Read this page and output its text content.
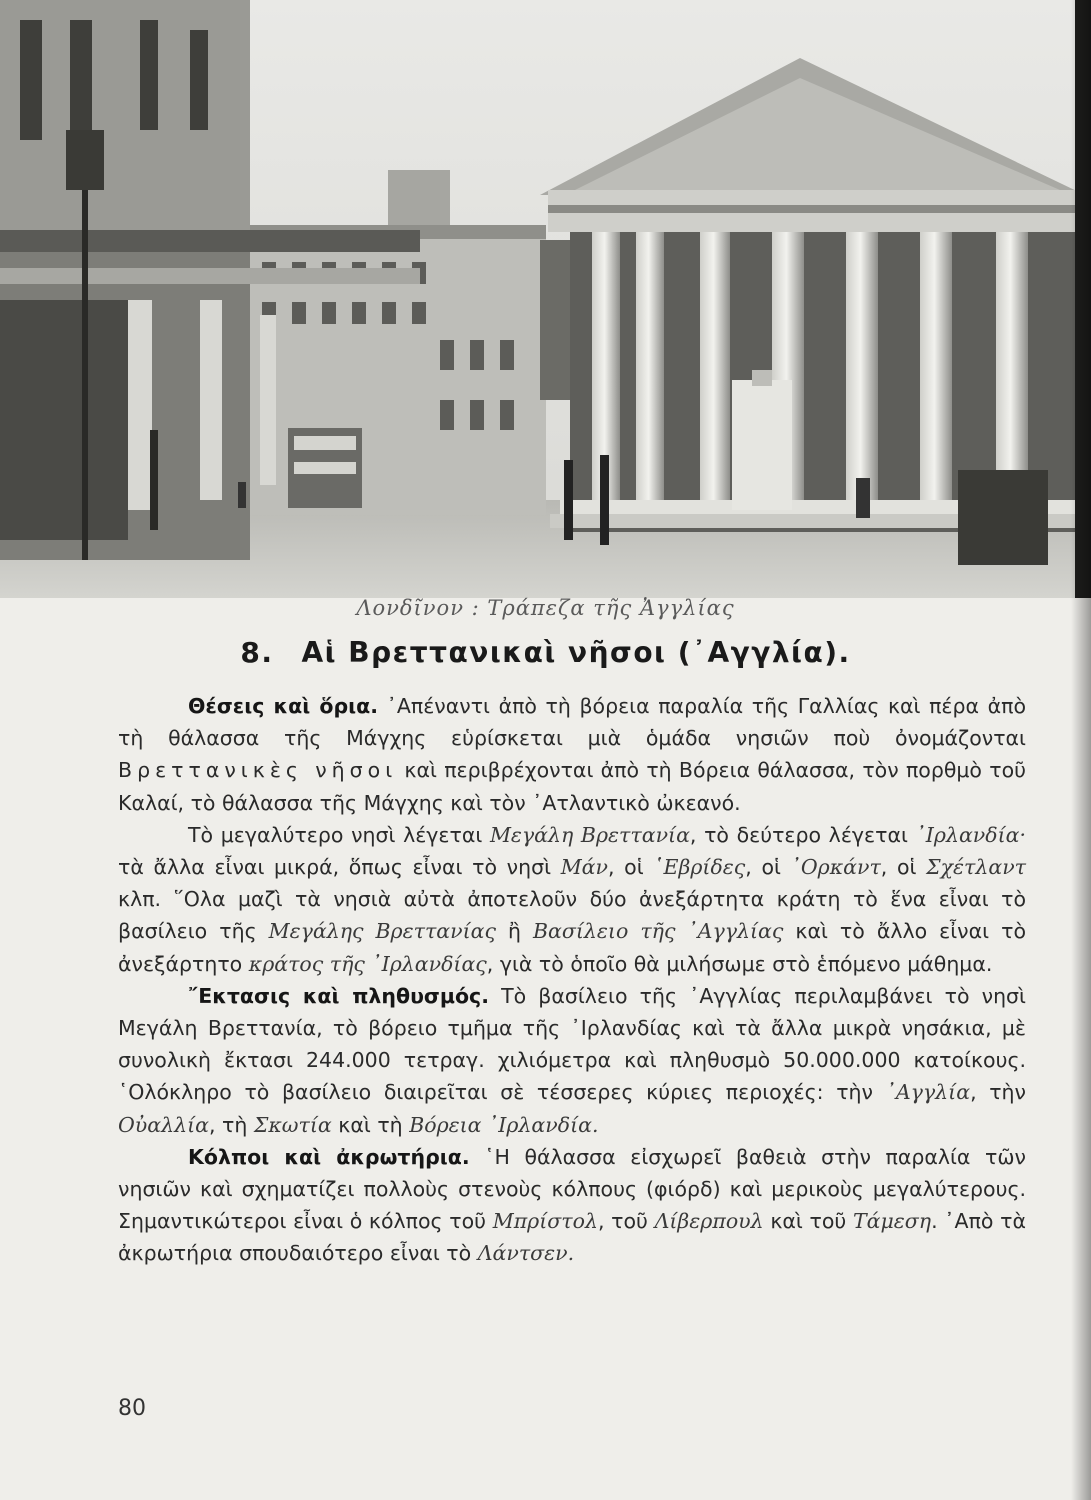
Λονδῖνον : Τράπεζα τῆς Ἀγγλίας
8. Αἱ Βρεττανικαὶ νῆσοι (᾿Αγγλία).

Θέσεις καὶ ὅρια. ᾿Απέναντι ἀπὸ τὴ βόρεια παραλία τῆς Γαλλίας καὶ πέρα ἀπὸ τὴ θάλασσα τῆς Μάγχης εὑρίσκεται μιὰ ὁμάδα νησιῶν ποὺ ὀνομάζονται Βρεττανικὲς νῆσοι καὶ περιβρέχονται ἀπὸ τὴ Βόρεια θάλασσα, τὸν πορθμὸ τοῦ Καλαί, τὸ θάλασσα τῆς Μάγχης καὶ τὸν ᾿Ατλαντικὸ ὠκεανό.

Τὸ μεγαλύτερο νησὶ λέγεται Μεγάλη Βρεττανία, τὸ δεύτερο λέγεται ᾿Ιρλανδία· τὰ ἄλλα εἶναι μικρά, ὅπως εἶναι τὸ νησὶ Μάν, οἱ ῾Εβρίδες, οἱ ᾿Ορκάντ, οἱ Σχέτλαντ κλπ. ῞Ολα μαζὶ τὰ νησιὰ αὐτὰ ἀποτελοῦν δύο ἀνεξάρτητα κράτη τὸ ἕνα εἶναι τὸ βασίλειο τῆς Μεγάλης Βρεττανίας ἢ Βασίλειο τῆς ᾿Αγγλίας καὶ τὸ ἄλλο εἶναι τὸ ἀνεξάρτητο κράτος τῆς ᾿Ιρλανδίας, γιὰ τὸ ὁποῖο θὰ μιλήσωμε στὸ ἑπόμενο μάθημα.

῎Εκτασις καὶ πληθυσμός. Τὸ βασίλειο τῆς ᾿Αγγλίας περιλαμβάνει τὸ νησὶ Μεγάλη Βρεττανία, τὸ βόρειο τμῆμα τῆς ᾿Ιρλανδίας καὶ τὰ ἄλλα μικρὰ νησάκια, μὲ συνολικὴ ἔκτασι 244.000 τετραγ. χιλιόμετρα καὶ πληθυσμὸ 50.000.000 κατοίκους. ῾Ολόκληρο τὸ βασίλειο διαιρεῖται σὲ τέσσερες κύριες περιοχές: τὴν ᾿Αγγλία, τὴν Οὐαλλία, τὴ Σκωτία καὶ τὴ Βόρεια ᾿Ιρλανδία.

Κόλποι καὶ ἀκρωτήρια. ῾Η θάλασσα εἰσχωρεῖ βαθειὰ στὴν παραλία τῶν νησιῶν καὶ σχηματίζει πολλοὺς στενοὺς κόλπους (φιόρδ) καὶ μερικοὺς μεγαλύτερους. Σημαντικώτεροι εἶναι ὁ κόλπος τοῦ Μπρίστολ, τοῦ Λίβερπουλ καὶ τοῦ Τάμεση. ᾿Απὸ τὰ ἀκρωτήρια σπουδαιότερο εἶναι τὸ Λάντσεν.

80
